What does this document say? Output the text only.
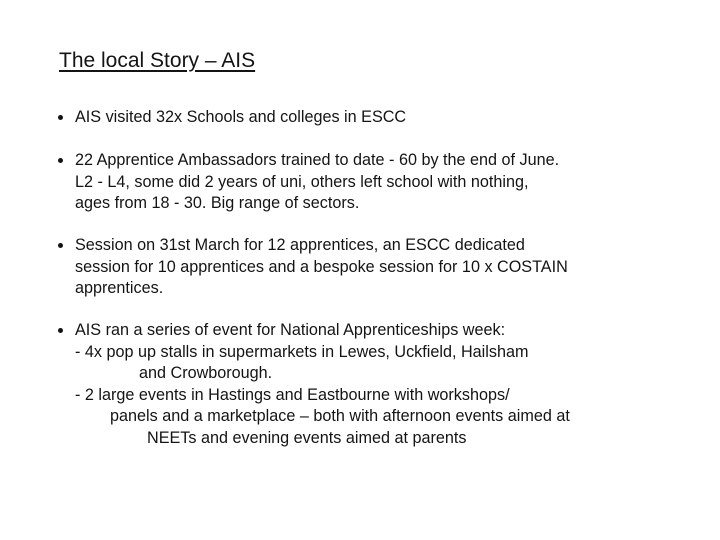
The local Story – AIS
AIS visited 32x Schools and colleges in ESCC
22 Apprentice Ambassadors trained to date - 60 by the end of June.
L2 - L4, some did 2 years of uni, others left school with nothing,
ages from 18 - 30. Big range of sectors.
Session on 31st March for 12 apprentices, an ESCC dedicated
session for 10 apprentices and a bespoke session for 10 x COSTAIN
apprentices.
AIS ran a series of event for National Apprenticeships week:
- 4x pop up stalls in supermarkets in Lewes, Uckfield, Hailsham
and Crowborough.
- 2 large events in Hastings and Eastbourne with workshops/
panels and a marketplace – both with afternoon events aimed at
NEETs and evening events aimed at parents
